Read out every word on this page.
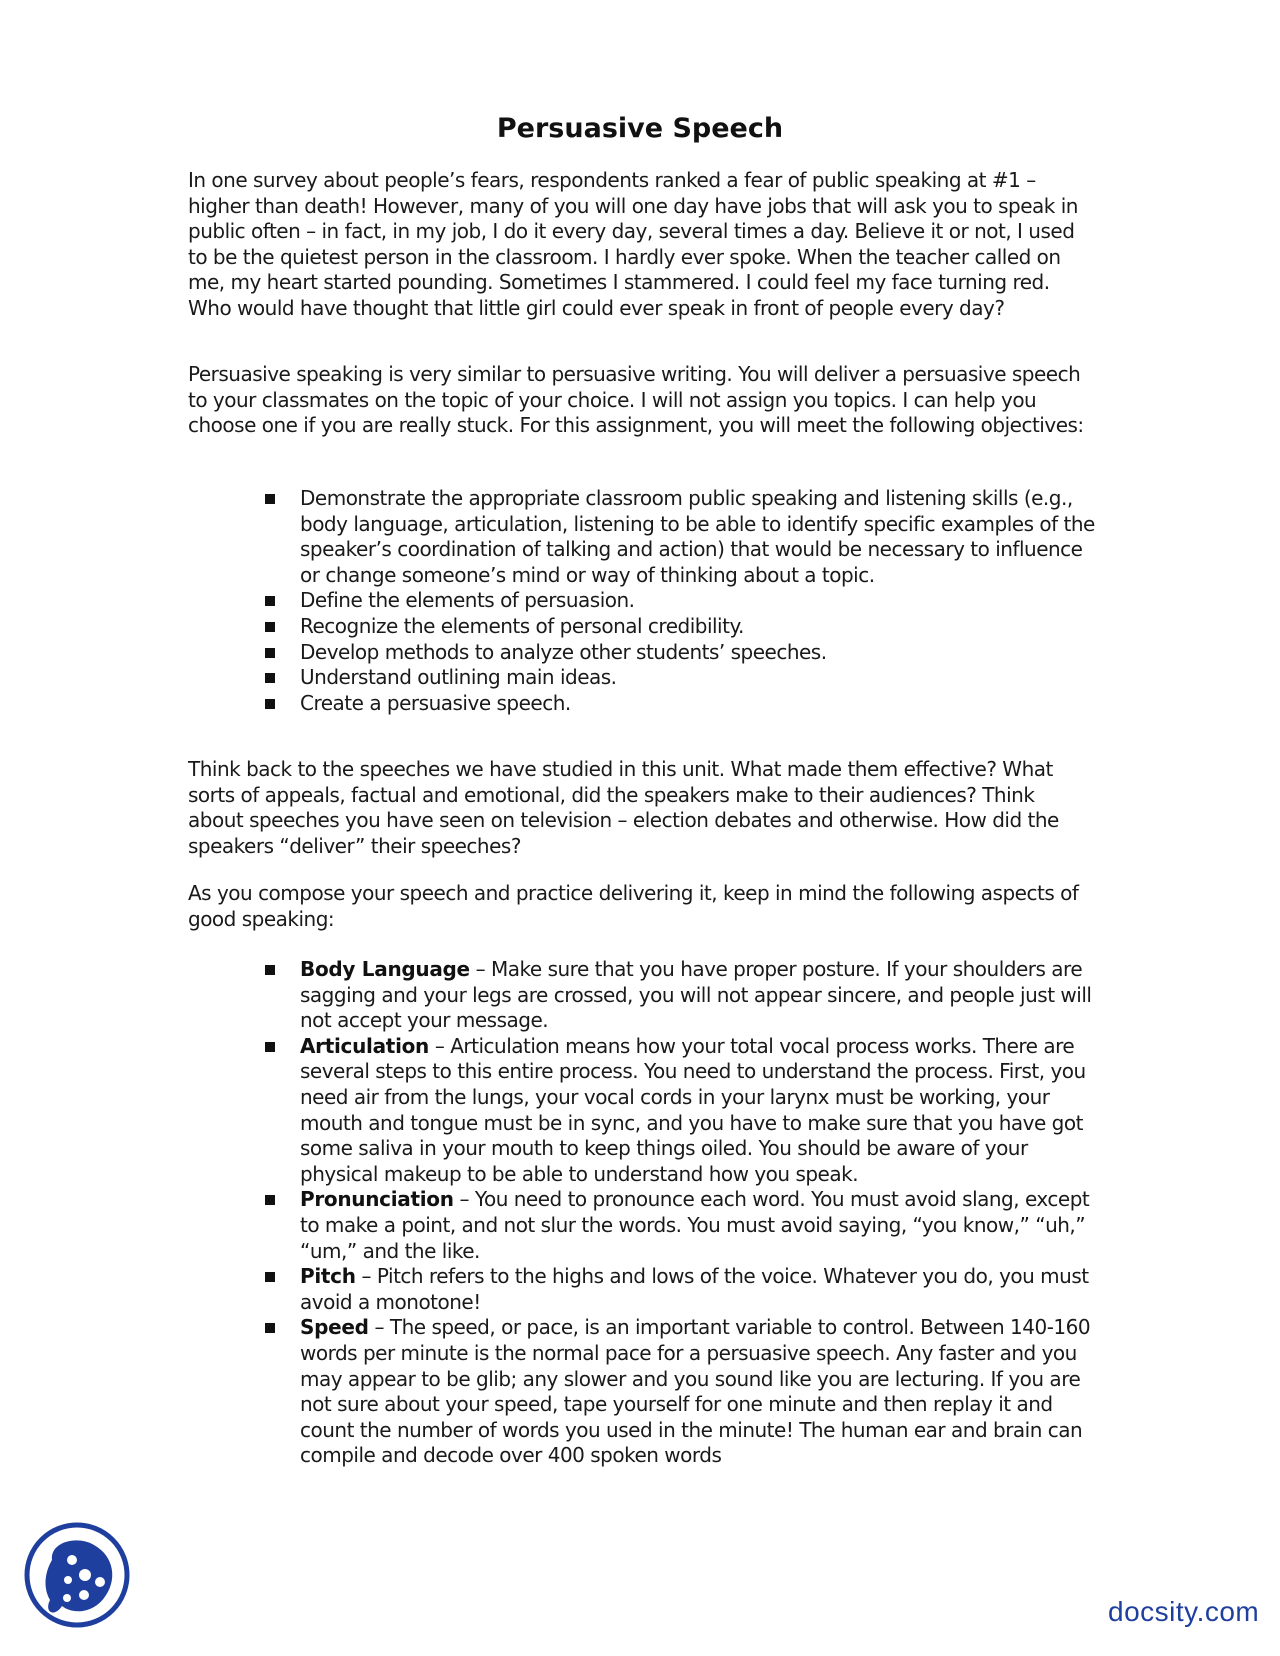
Persuasive Speech

In one survey about people’s fears, respondents ranked a fear of public speaking at #1 – higher than death! However, many of you will one day have jobs that will ask you to speak in public often – in fact, in my job, I do it every day, several times a day. Believe it or not, I used to be the quietest person in the classroom. I hardly ever spoke. When the teacher called on me, my heart started pounding. Sometimes I stammered. I could feel my face turning red. Who would have thought that little girl could ever speak in front of people every day?

Persuasive speaking is very similar to persuasive writing. You will deliver a persuasive speech to your classmates on the topic of your choice. I will not assign you topics. I can help you choose one if you are really stuck. For this assignment, you will meet the following objectives:

Demonstrate the appropriate classroom public speaking and listening skills (e.g., body language, articulation, listening to be able to identify specific examples of the speaker’s coordination of talking and action) that would be necessary to influence or change someone’s mind or way of thinking about a topic.
Define the elements of persuasion.
Recognize the elements of personal credibility.
Develop methods to analyze other students’ speeches.
Understand outlining main ideas.
Create a persuasive speech.

Think back to the speeches we have studied in this unit. What made them effective? What sorts of appeals, factual and emotional, did the speakers make to their audiences? Think about speeches you have seen on television – election debates and otherwise. How did the speakers “deliver” their speeches?

As you compose your speech and practice delivering it, keep in mind the following aspects of good speaking:

Body Language – Make sure that you have proper posture. If your shoulders are sagging and your legs are crossed, you will not appear sincere, and people just will not accept your message.
Articulation – Articulation means how your total vocal process works. There are several steps to this entire process. You need to understand the process. First, you need air from the lungs, your vocal cords in your larynx must be working, your mouth and tongue must be in sync, and you have to make sure that you have got some saliva in your mouth to keep things oiled. You should be aware of your physical makeup to be able to understand how you speak.
Pronunciation – You need to pronounce each word. You must avoid slang, except to make a point, and not slur the words. You must avoid saying, “you know,” “uh,” “um,” and the like.
Pitch – Pitch refers to the highs and lows of the voice. Whatever you do, you must avoid a monotone!
Speed – The speed, or pace, is an important variable to control. Between 140-160 words per minute is the normal pace for a persuasive speech. Any faster and you may appear to be glib; any slower and you sound like you are lecturing. If you are not sure about your speed, tape yourself for one minute and then replay it and count the number of words you used in the minute! The human ear and brain can compile and decode over 400 spoken words
docsity.com
